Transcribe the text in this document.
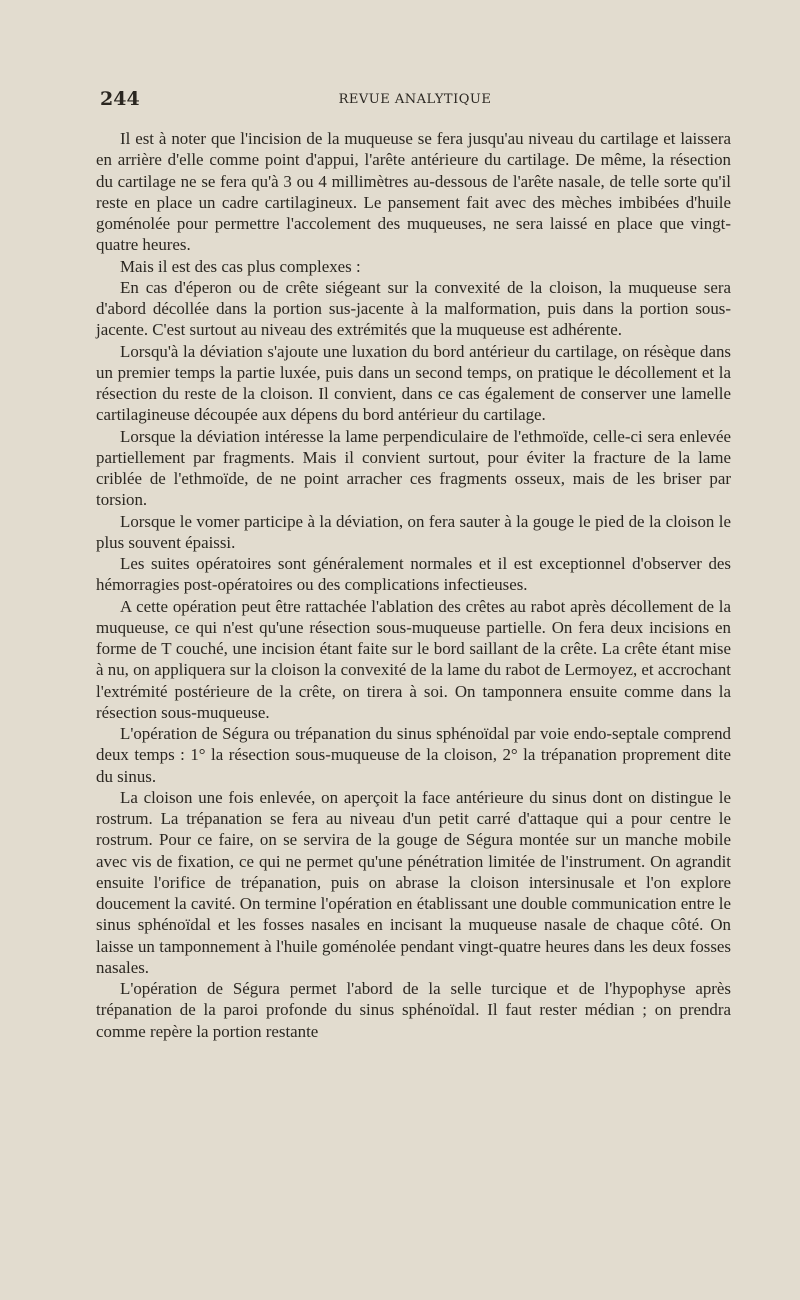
244	REVUE ANALYTIQUE

Il est à noter que l'incision de la muqueuse se fera jusqu'au niveau du cartilage et laissera en arrière d'elle comme point d'appui, l'arête antérieure du cartilage. De même, la résection du cartilage ne se fera qu'à 3 ou 4 millimètres au-dessous de l'arête nasale, de telle sorte qu'il reste en place un cadre cartilagineux. Le pansement fait avec des mèches imbibées d'huile goménolée pour permettre l'accolement des muqueuses, ne sera laissé en place que vingt-quatre heures.

Mais il est des cas plus complexes :

En cas d'éperon ou de crête siégeant sur la convexité de la cloison, la muqueuse sera d'abord décollée dans la portion sus-jacente à la malformation, puis dans la portion sous-jacente. C'est surtout au niveau des extrémités que la muqueuse est adhérente.

Lorsqu'à la déviation s'ajoute une luxation du bord antérieur du cartilage, on résèque dans un premier temps la partie luxée, puis dans un second temps, on pratique le décollement et la résection du reste de la cloison. Il convient, dans ce cas également de conserver une lamelle cartilagineuse découpée aux dépens du bord antérieur du cartilage.

Lorsque la déviation intéresse la lame perpendiculaire de l'ethmoïde, celle-ci sera enlevée partiellement par fragments. Mais il convient surtout, pour éviter la fracture de la lame criblée de l'ethmoïde, de ne point arracher ces fragments osseux, mais de les briser par torsion.

Lorsque le vomer participe à la déviation, on fera sauter à la gouge le pied de la cloison le plus souvent épaissi.

Les suites opératoires sont généralement normales et il est exceptionnel d'observer des hémorragies post-opératoires ou des complications infectieuses.

A cette opération peut être rattachée l'ablation des crêtes au rabot après décollement de la muqueuse, ce qui n'est qu'une résection sous-muqueuse partielle. On fera deux incisions en forme de T couché, une incision étant faite sur le bord saillant de la crête. La crête étant mise à nu, on appliquera sur la cloison la convexité de la lame du rabot de Lermoyez, et accrochant l'extrémité postérieure de la crête, on tirera à soi. On tamponnera ensuite comme dans la résection sous-muqueuse.

L'opération de Ségura ou trépanation du sinus sphénoïdal par voie endo-septale comprend deux temps : 1° la résection sous-muqueuse de la cloison, 2° la trépanation proprement dite du sinus.

La cloison une fois enlevée, on aperçoit la face antérieure du sinus dont on distingue le rostrum. La trépanation se fera au niveau d'un petit carré d'attaque qui a pour centre le rostrum. Pour ce faire, on se servira de la gouge de Ségura montée sur un manche mobile avec vis de fixation, ce qui ne permet qu'une pénétration limitée de l'instrument. On agrandit ensuite l'orifice de trépanation, puis on abrase la cloison intersinusale et l'on explore doucement la cavité. On termine l'opération en établissant une double communication entre le sinus sphénoïdal et les fosses nasales en incisant la muqueuse nasale de chaque côté. On laisse un tamponnement à l'huile goménolée pendant vingt-quatre heures dans les deux fosses nasales.

L'opération de Ségura permet l'abord de la selle turcique et de l'hypophyse après trépanation de la paroi profonde du sinus sphénoïdal. Il faut rester médian ; on prendra comme repère la portion restante
